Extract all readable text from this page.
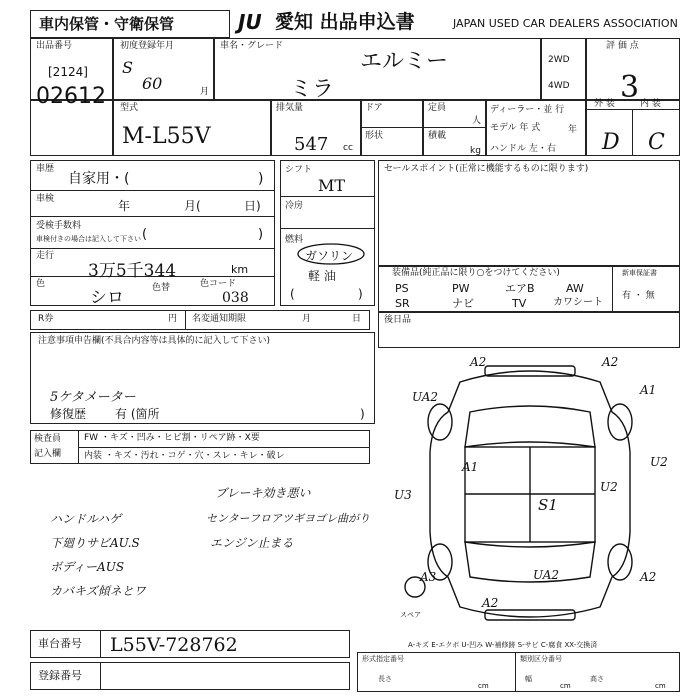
車内保管・守衛保管	JU 愛知 出品申込書	JAPAN USED CAR DEALERS ASSOCIATION
出品番号
[2124]
02612
初度登録年月
S
60	月
車名・グレード
エルミー
ミラ
2WD
4WD
評 価 点
3
型式
M-L55V
排気量
547 cc
ドア
形状
定員
人
積載
kg
ディーラー・並 行
モデル 年 式	年
ハンドル 左・右
外 装	内 装
D C
車歴
自家用・(	)
車検	年	月(	日)
受検手数料
車検付きの場合は記入して下さい (	)
走行
3万5千344	km
色
シロ	色替	色コード
038
R券	円 名変通知期限	月	日
シフト
MT
冷房
燃料
ガソリン
軽 油
(	)
セールスポイント(正常に機能するものに限ります)
装備品(純正品に限り○をつけてください)
PS	PW	エアB	AW
SR	ナビ	TV	カワシート
新車保証書
有 ・ 無
後日品
注意事項申告欄(不具合内容等は具体的に記入して下さい)
5ケタメーター
修復歴 有 (箇所	)
検査員
記入欄
FW ・キズ・凹み・ヒビ割・リペア跡・X要
内装 ・キズ・汚れ・コゲ・穴・スレ・キレ・破レ
ブレーキ効き悪い
ハンドルハゲ	センターフロアツギヨゴレ曲がり
下廻りサビAU.S	エンジン止まる
ボディーAUS
カバキズ傾ネとワ
A2	A2
UA2	A1
U2
A1
U2
U3
S1
A3	UA2	A2
A2
スペア
A-キズ E-エクボ U-凹み W-補修跡 S-サビ C-腐食 XX-交換済
車台番号 L55V-728762
登録番号
形式指定番号	類別区分番号
長さ
cm
幅
cm
高さ
cm
